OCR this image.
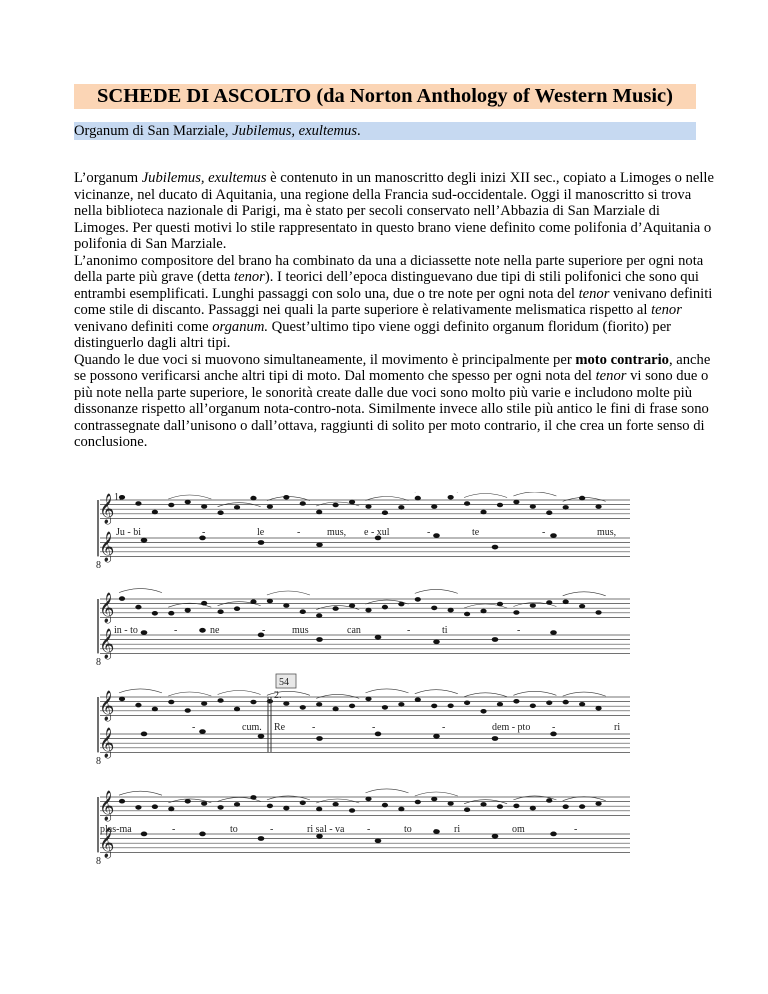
SCHEDE DI ASCOLTO (da Norton Anthology of Western Music)
Organum di San Marziale, Jubilemus, exultemus.

L’organum Jubilemus, exultemus è contenuto in un manoscritto degli inizi XII sec., copiato a Limoges o nelle vicinanze, nel ducato di Aquitania, una regione della Francia sud-occidentale. Oggi il manoscritto si trova nella biblioteca nazionale di Parigi, ma è stato per secoli conservato nell’Abbazia di San Marziale di Limoges. Per questi motivi lo stile rappresentato in questo brano viene definito come polifonia d’Aquitania o polifonia di San Marziale.

L’anonimo compositore del brano ha combinato da una a diciassette note nella parte superiore per ogni nota della parte più grave (detta tenor). I teorici dell’epoca distinguevano due tipi di stili polifonici che sono qui entrambi esemplificati. Lunghi passaggi con solo una, due o tre note per ogni nota del tenor venivano definiti come stile di discanto. Passaggi nei quali la parte superiore è relativamente melismatica rispetto al tenor venivano definiti come organum. Quest’ultimo tipo viene oggi definito organum floridum (fiorito) per distinguerlo dagli altri tipi.

Quando le due voci si muovono simultaneamente, il movimento è principalmente per moto contrario, anche se possono verificarsi anche altri tipi di moto. Dal momento che spesso per ogni nota del tenor vi sono due o più note nella parte superiore, le sonorità create dalle due voci sono molto più varie e includono molte più dissonanze rispetto all’organum nota-contro-nota. Similmente invece allo stile più antico le fini di frase sono contrassegnate dall’unisono o dall’ottava, raggiunti di solito per moto contrario, il che crea un forte senso di conclusione.

𝄞
𝄞
8
Ju - bi	-	le	-	mus, e - xul	-	te	-	mus,
𝄞
𝄞
8
in - to	-	ne	-	mus	can	-	ti	-
𝄞
𝄞
8
-	cum. Re	-	-	-	dem - pto -	ri
𝄞
𝄞
8
plas-ma	-	to	-	ri sal - va -	to - ri	om	-
1.
54
2.
